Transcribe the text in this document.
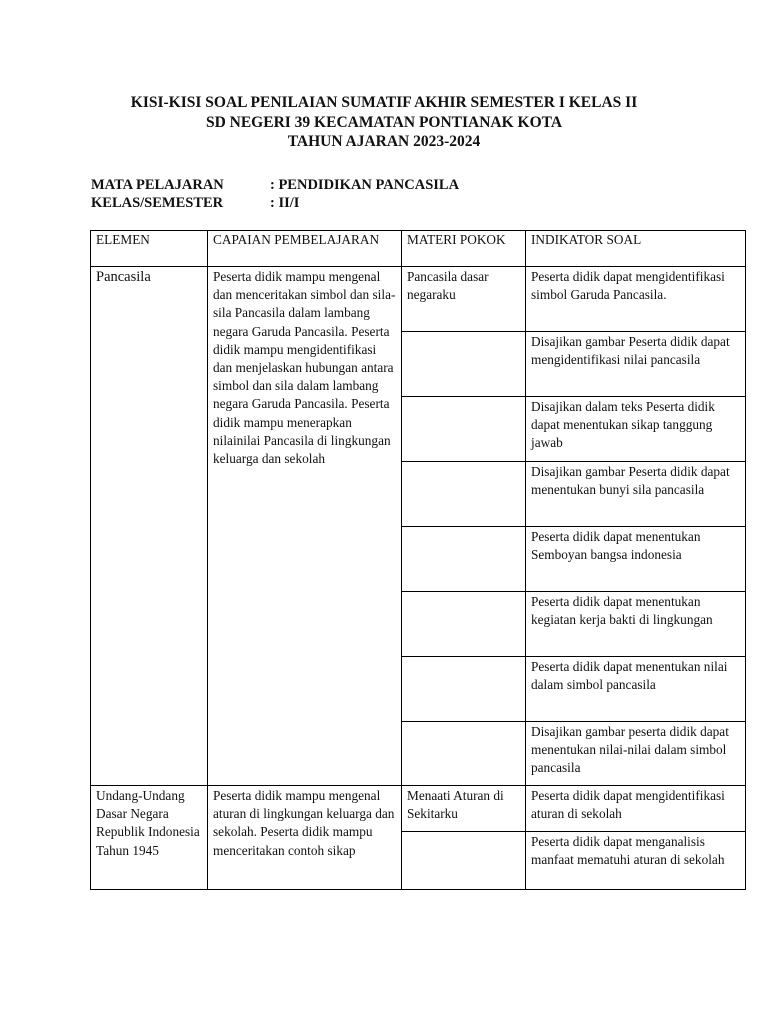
KISI-KISI SOAL PENILAIAN SUMATIF AKHIR SEMESTER I KELAS II
SD NEGERI 39 KECAMATAN PONTIANAK KOTA
TAHUN AJARAN 2023-2024
MATA PELAJARAN	: PENDIDIKAN PANCASILA
KELAS/SEMESTER	: II/I
ELEMEN	CAPAIAN PEMBELAJARAN	MATERI POKOK	INDIKATOR SOAL
Pancasila	Peserta didik mampu mengenal dan menceritakan simbol dan sila-sila Pancasila dalam lambang negara Garuda Pancasila. Peserta didik mampu mengidentifikasi dan menjelaskan hubungan antara simbol dan sila dalam lambang negara Garuda Pancasila. Peserta didik mampu menerapkan nilainilai Pancasila di lingkungan keluarga dan sekolah	Pancasila dasar negaraku	Peserta didik dapat mengidentifikasi simbol Garuda Pancasila.
			Disajikan gambar Peserta didik dapat mengidentifikasi nilai pancasila
			Disajikan dalam teks Peserta didik dapat menentukan sikap tanggung jawab
			Disajikan gambar Peserta didik dapat menentukan bunyi sila pancasila
			Peserta didik dapat menentukan Semboyan bangsa indonesia
			Peserta didik dapat menentukan kegiatan kerja bakti di lingkungan
			Peserta didik dapat menentukan nilai dalam simbol pancasila
			Disajikan gambar peserta didik dapat menentukan nilai-nilai dalam simbol pancasila
Undang-Undang Dasar Negara Republik Indonesia Tahun 1945	Peserta didik mampu mengenal aturan di lingkungan keluarga dan sekolah. Peserta didik mampu menceritakan contoh sikap	Menaati Aturan di Sekitarku	Peserta didik dapat mengidentifikasi aturan di sekolah
			Peserta didik dapat menganalisis manfaat mematuhi aturan di sekolah
